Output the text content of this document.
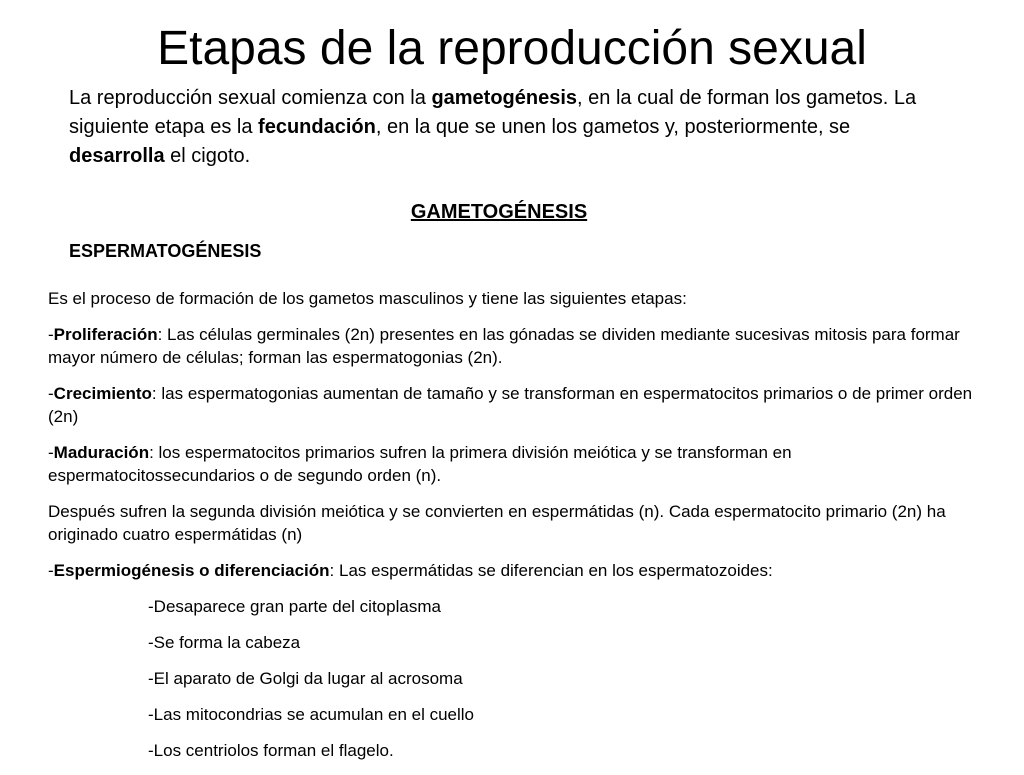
Etapas de la reproducción sexual
La reproducción sexual comienza con la gametogénesis, en la cual de forman los gametos. La siguiente etapa es la fecundación, en la que se unen los gametos y, posteriormente, se desarrolla el cigoto.
GAMETOGÉNESIS
ESPERMATOGÉNESIS

Es el proceso de formación de los gametos masculinos y tiene las siguientes etapas:

-Proliferación: Las células germinales (2n) presentes en las gónadas se dividen mediante sucesivas mitosis para formar mayor número de células; forman las espermatogonias (2n).

-Crecimiento: las espermatogonias aumentan de tamaño y se transforman en espermatocitos primarios o de primer orden (2n)

-Maduración: los espermatocitos primarios sufren la primera división meiótica y se transforman en espermatocitossecundarios o de segundo orden (n).

Después sufren la segunda división meiótica y se convierten en espermátidas (n). Cada espermatocito primario (2n) ha originado cuatro espermátidas (n)

-Espermiogénesis o diferenciación: Las espermátidas se diferencian en los espermatozoides:

-Desaparece gran parte del citoplasma

-Se forma la cabeza

-El aparato de Golgi da lugar al acrosoma

-Las mitocondrias se acumulan en el cuello

-Los centriolos forman el flagelo.
